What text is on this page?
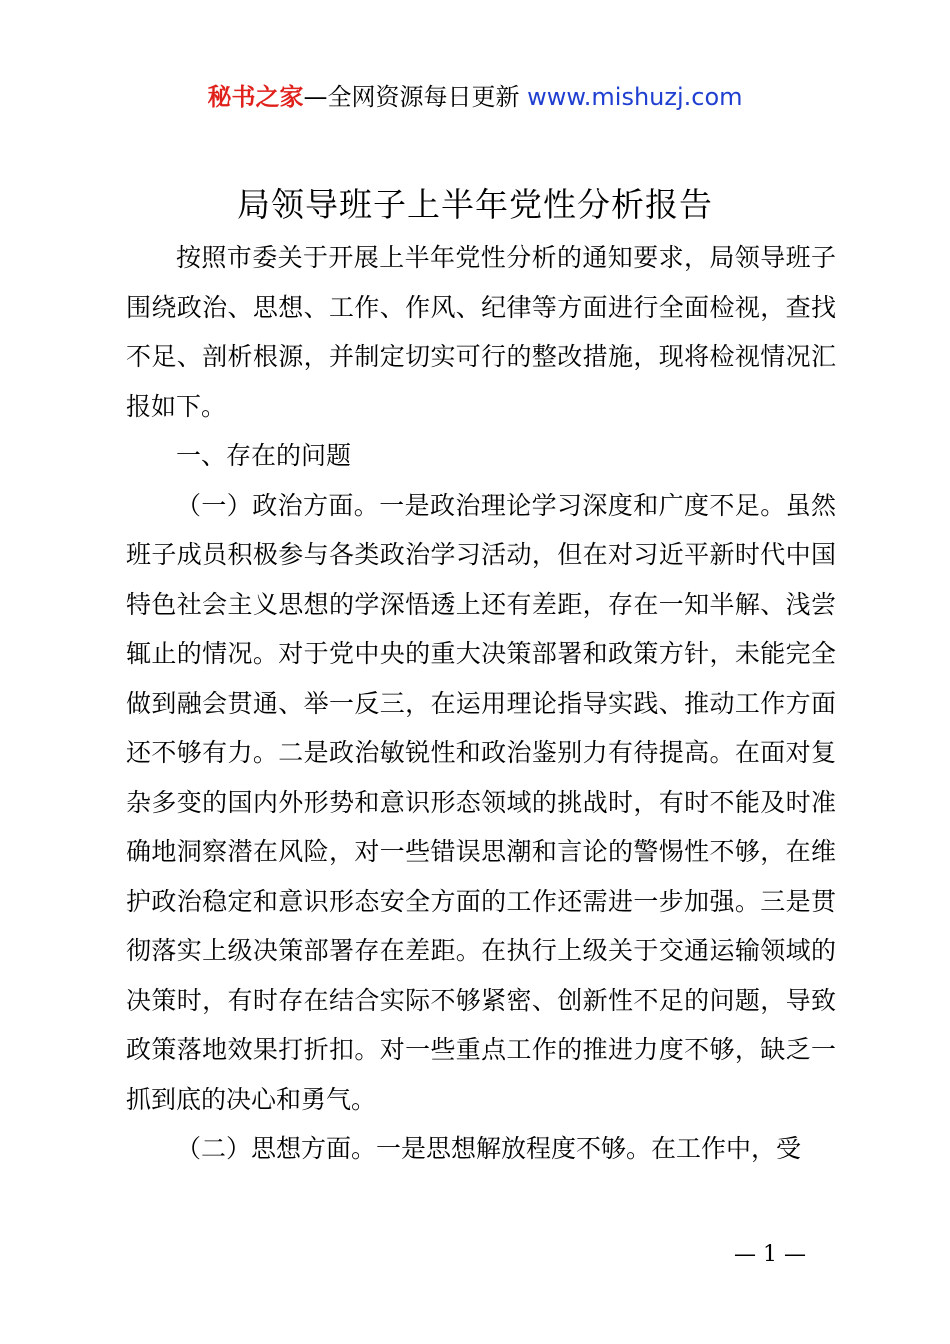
秘书之家—全网资源每日更新 www.mishuzj.com
局领导班子上半年党性分析报告

按照市委关于开展上半年党性分析的通知要求，局领导班子围绕政治、思想、工作、作风、纪律等方面进行全面检视，查找不足、剖析根源，并制定切实可行的整改措施，现将检视情况汇报如下。

一、存在的问题

（一）政治方面。一是政治理论学习深度和广度不足。虽然班子成员积极参与各类政治学习活动，但在对习近平新时代中国特色社会主义思想的学深悟透上还有差距，存在一知半解、浅尝辄止的情况。对于党中央的重大决策部署和政策方针，未能完全做到融会贯通、举一反三，在运用理论指导实践、推动工作方面还不够有力。二是政治敏锐性和政治鉴别力有待提高。在面对复杂多变的国内外形势和意识形态领域的挑战时，有时不能及时准确地洞察潜在风险，对一些错误思潮和言论的警惕性不够，在维护政治稳定和意识形态安全方面的工作还需进一步加强。三是贯彻落实上级决策部署存在差距。在执行上级关于交通运输领域的决策时，有时存在结合实际不够紧密、创新性不足的问题，导致政策落地效果打折扣。对一些重点工作的推进力度不够，缺乏一抓到底的决心和勇气。

（二）思想方面。一是思想解放程度不够。在工作中，受

— 1 —
